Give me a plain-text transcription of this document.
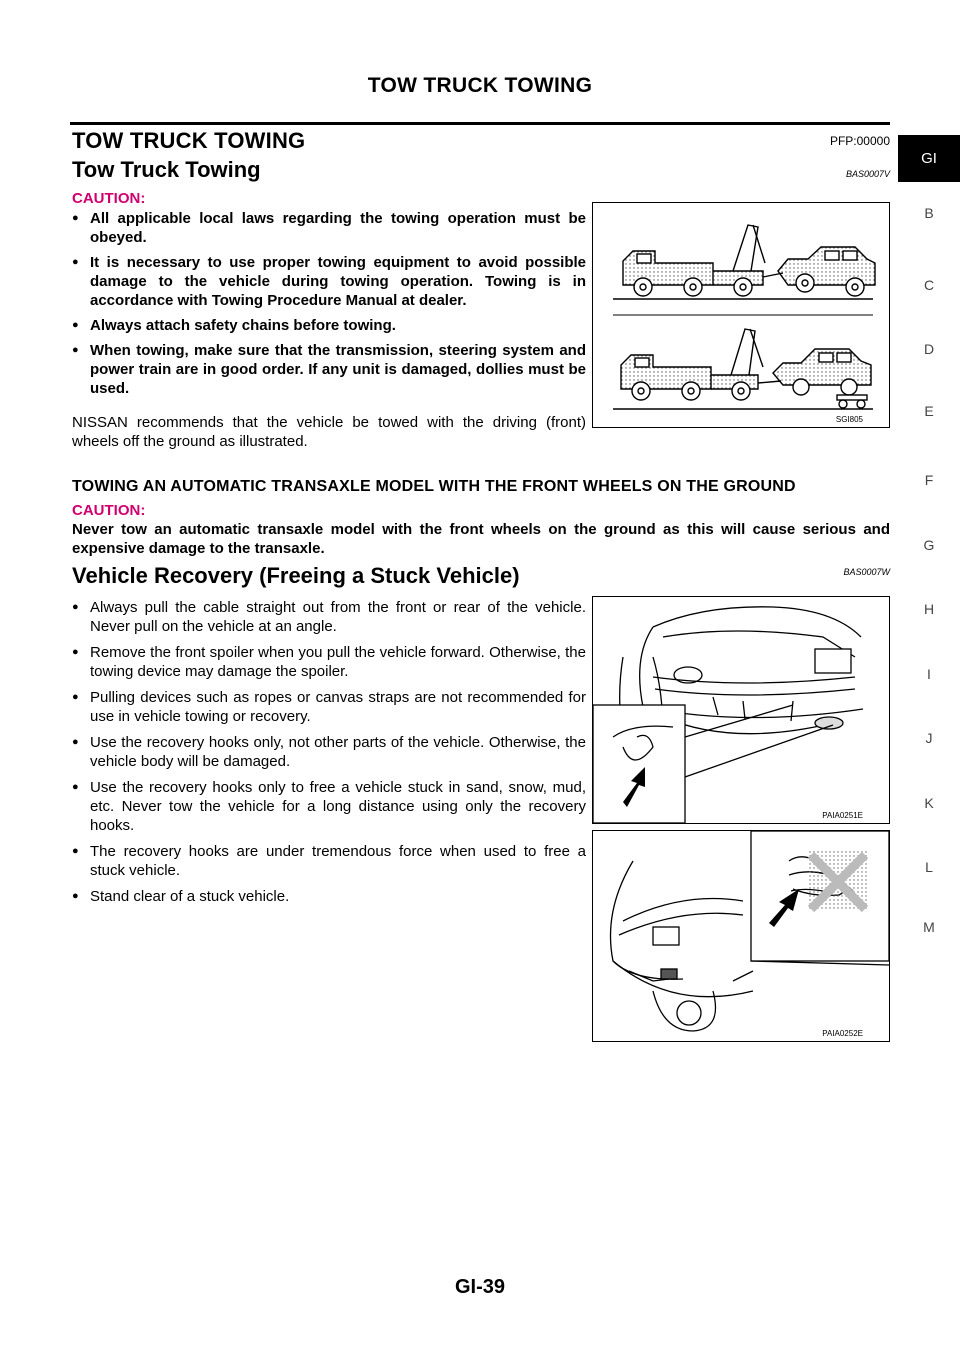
TOW TRUCK TOWING
TOW TRUCK TOWING	PFP:00000
Tow Truck Towing	BAS0007V
CAUTION:
● All applicable local laws regarding the towing operation must be obeyed.
● It is necessary to use proper towing equipment to avoid possible damage to the vehicle during towing operation. Towing is in accordance with Towing Procedure Manual at dealer.
● Always attach safety chains before towing.
● When towing, make sure that the transmission, steering system and power train are in good order. If any unit is damaged, dollies must be used.
NISSAN recommends that the vehicle be towed with the driving (front) wheels off the ground as illustrated.
SGI805
TOWING AN AUTOMATIC TRANSAXLE MODEL WITH THE FRONT WHEELS ON THE GROUND
CAUTION:
Never tow an automatic transaxle model with the front wheels on the ground as this will cause serious and expensive damage to the transaxle.
Vehicle Recovery (Freeing a Stuck Vehicle)	BAS0007W
● Always pull the cable straight out from the front or rear of the vehicle. Never pull on the vehicle at an angle.
● Remove the front spoiler when you pull the vehicle forward. Otherwise, the towing device may damage the spoiler.
● Pulling devices such as ropes or canvas straps are not recommended for use in vehicle towing or recovery.
● Use the recovery hooks only, not other parts of the vehicle. Otherwise, the vehicle body will be damaged.
● Use the recovery hooks only to free a vehicle stuck in sand, snow, mud, etc. Never tow the vehicle for a long distance using only the recovery hooks.
● The recovery hooks are under tremendous force when used to free a stuck vehicle.
● Stand clear of a stuck vehicle.
PAIA0251E
PAIA0252E
GI
B
C
D
E
F
G
H
I
J
K
L
M
GI-39
